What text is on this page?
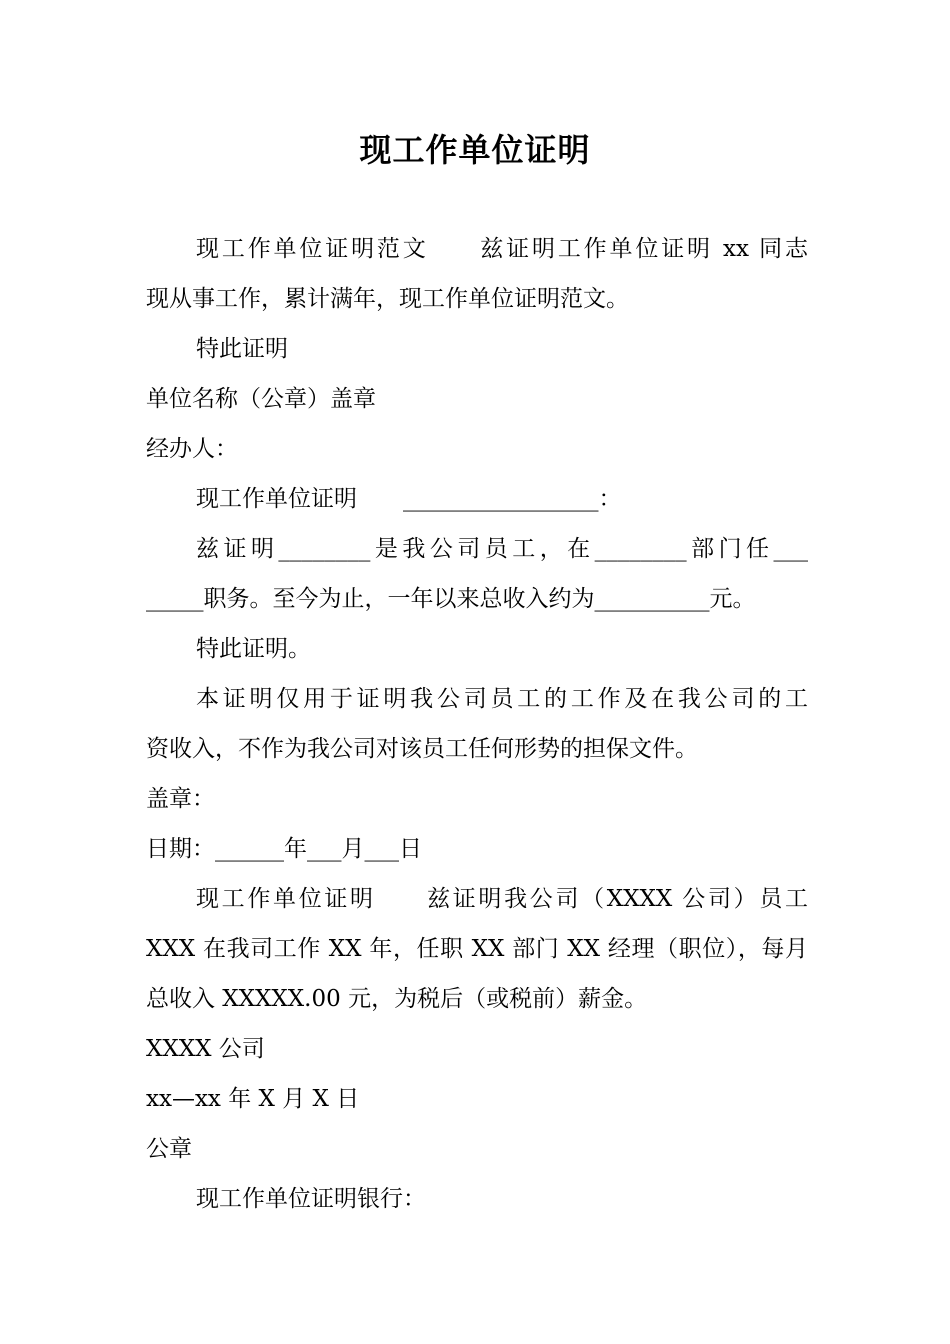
现工作单位证明
现工作单位证明范文　　兹证明工作单位证明 xx 同志
现从事工作，累计满年，现工作单位证明范文。
特此证明
单位名称（公章）盖章
经办人：
现工作单位证明　　_________________：
兹证明________是我公司员工，在________部门任___
_____职务。至今为止，一年以来总收入约为__________元。
特此证明。
本证明仅用于证明我公司员工的工作及在我公司的工
资收入，不作为我公司对该员工任何形势的担保文件。
盖章：
日期：______年___月___日
现工作单位证明　　兹证明我公司（XXXX 公司）员工
XXX 在我司工作 XX 年，任职 XX 部门 XX 经理（职位），每月
总收入 XXXXX.00 元，为税后（或税前）薪金。
XXXX 公司
xx—xx 年 X 月 X 日
公章
现工作单位证明银行：
